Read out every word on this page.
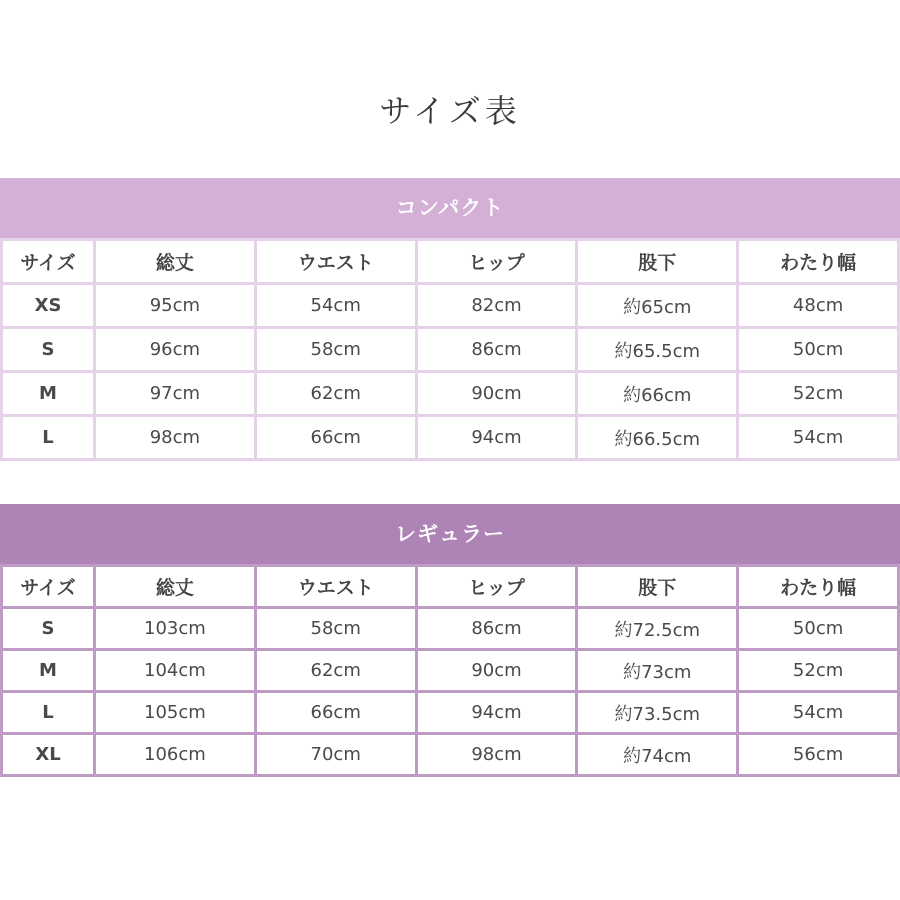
サイズ表
コンパクト
サイズ	総丈	ウエスト	ヒップ	股下	わたり幅
XS	95cm	54cm	82cm	約65cm	48cm
S	96cm	58cm	86cm	約65.5cm	50cm
M	97cm	62cm	90cm	約66cm	52cm
L	98cm	66cm	94cm	約66.5cm	54cm
レギュラー
サイズ	総丈	ウエスト	ヒップ	股下	わたり幅
S	103cm	58cm	86cm	約72.5cm	50cm
M	104cm	62cm	90cm	約73cm	52cm
L	105cm	66cm	94cm	約73.5cm	54cm
XL	106cm	70cm	98cm	約74cm	56cm
